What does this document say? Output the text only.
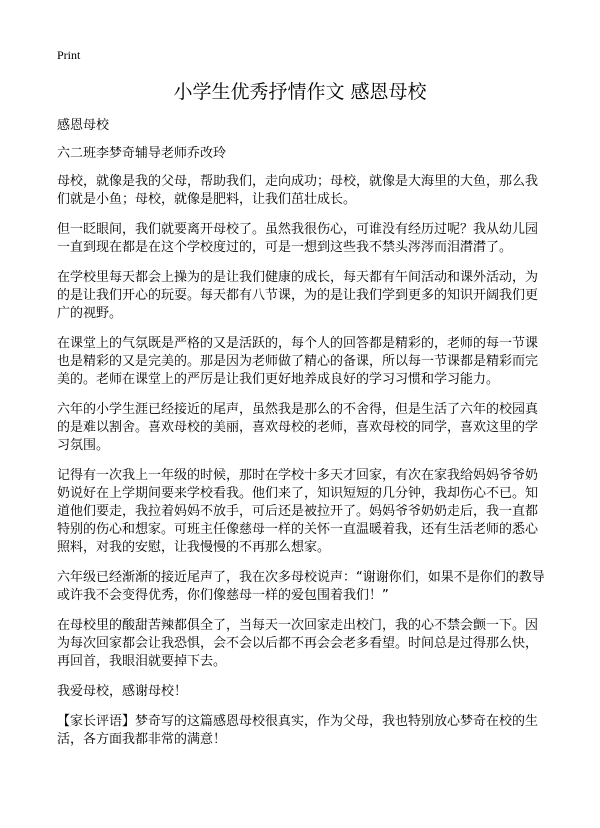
Print
小学生优秀抒情作文 感恩母校

感恩母校

六二班李梦奇辅导老师乔改玲

母校，就像是我的父母，帮助我们，走向成功；母校，就像是大海里的大鱼，那么我们就是小鱼；母校，就像是肥料，让我们茁壮成长。

但一眨眼间，我们就要离开母校了。虽然我很伤心，可谁没有经历过呢？我从幼儿园一直到现在都是在这个学校度过的，可是一想到这些我不禁头涔涔而泪潸潸了。

在学校里每天都会上操为的是让我们健康的成长，每天都有午间活动和课外活动，为的是让我们开心的玩耍。每天都有八节课，为的是让我们学到更多的知识开阔我们更广的视野。

在课堂上的气氛既是严格的又是活跃的，每个人的回答都是精彩的，老师的每一节课也是精彩的又是完美的。那是因为老师做了精心的备课，所以每一节课都是精彩而完美的。老师在课堂上的严厉是让我们更好地养成良好的学习习惯和学习能力。

六年的小学生涯已经接近的尾声，虽然我是那么的不舍得，但是生活了六年的校园真的是难以割舍。喜欢母校的美丽，喜欢母校的老师，喜欢母校的同学，喜欢这里的学习氛围。

记得有一次我上一年级的时候，那时在学校十多天才回家，有次在家我给妈妈爷爷奶奶说好在上学期间要来学校看我。他们来了，知识短短的几分钟，我却伤心不已。知道他们要走，我拉着妈妈不放手，可后还是被拉开了。妈妈爷爷奶奶走后，我一直都特别的伤心和想家。可班主任像慈母一样的关怀一直温暖着我，还有生活老师的悉心照料，对我的安慰，让我慢慢的不再那么想家。

六年级已经渐渐的接近尾声了，我在次多母校说声：“谢谢你们，如果不是你们的教导或许我不会变得优秀，你们像慈母一样的爱包围着我们！”

在母校里的酸甜苦辣都俱全了，当每天一次回家走出校门，我的心不禁会颤一下。因为每次回家都会让我恐惧，会不会以后都不再会会老多看望。时间总是过得那么快，再回首，我眼泪就要掉下去。

我爱母校，感谢母校！

【家长评语】梦奇写的这篇感恩母校很真实，作为父母，我也特别放心梦奇在校的生活，各方面我都非常的满意！
